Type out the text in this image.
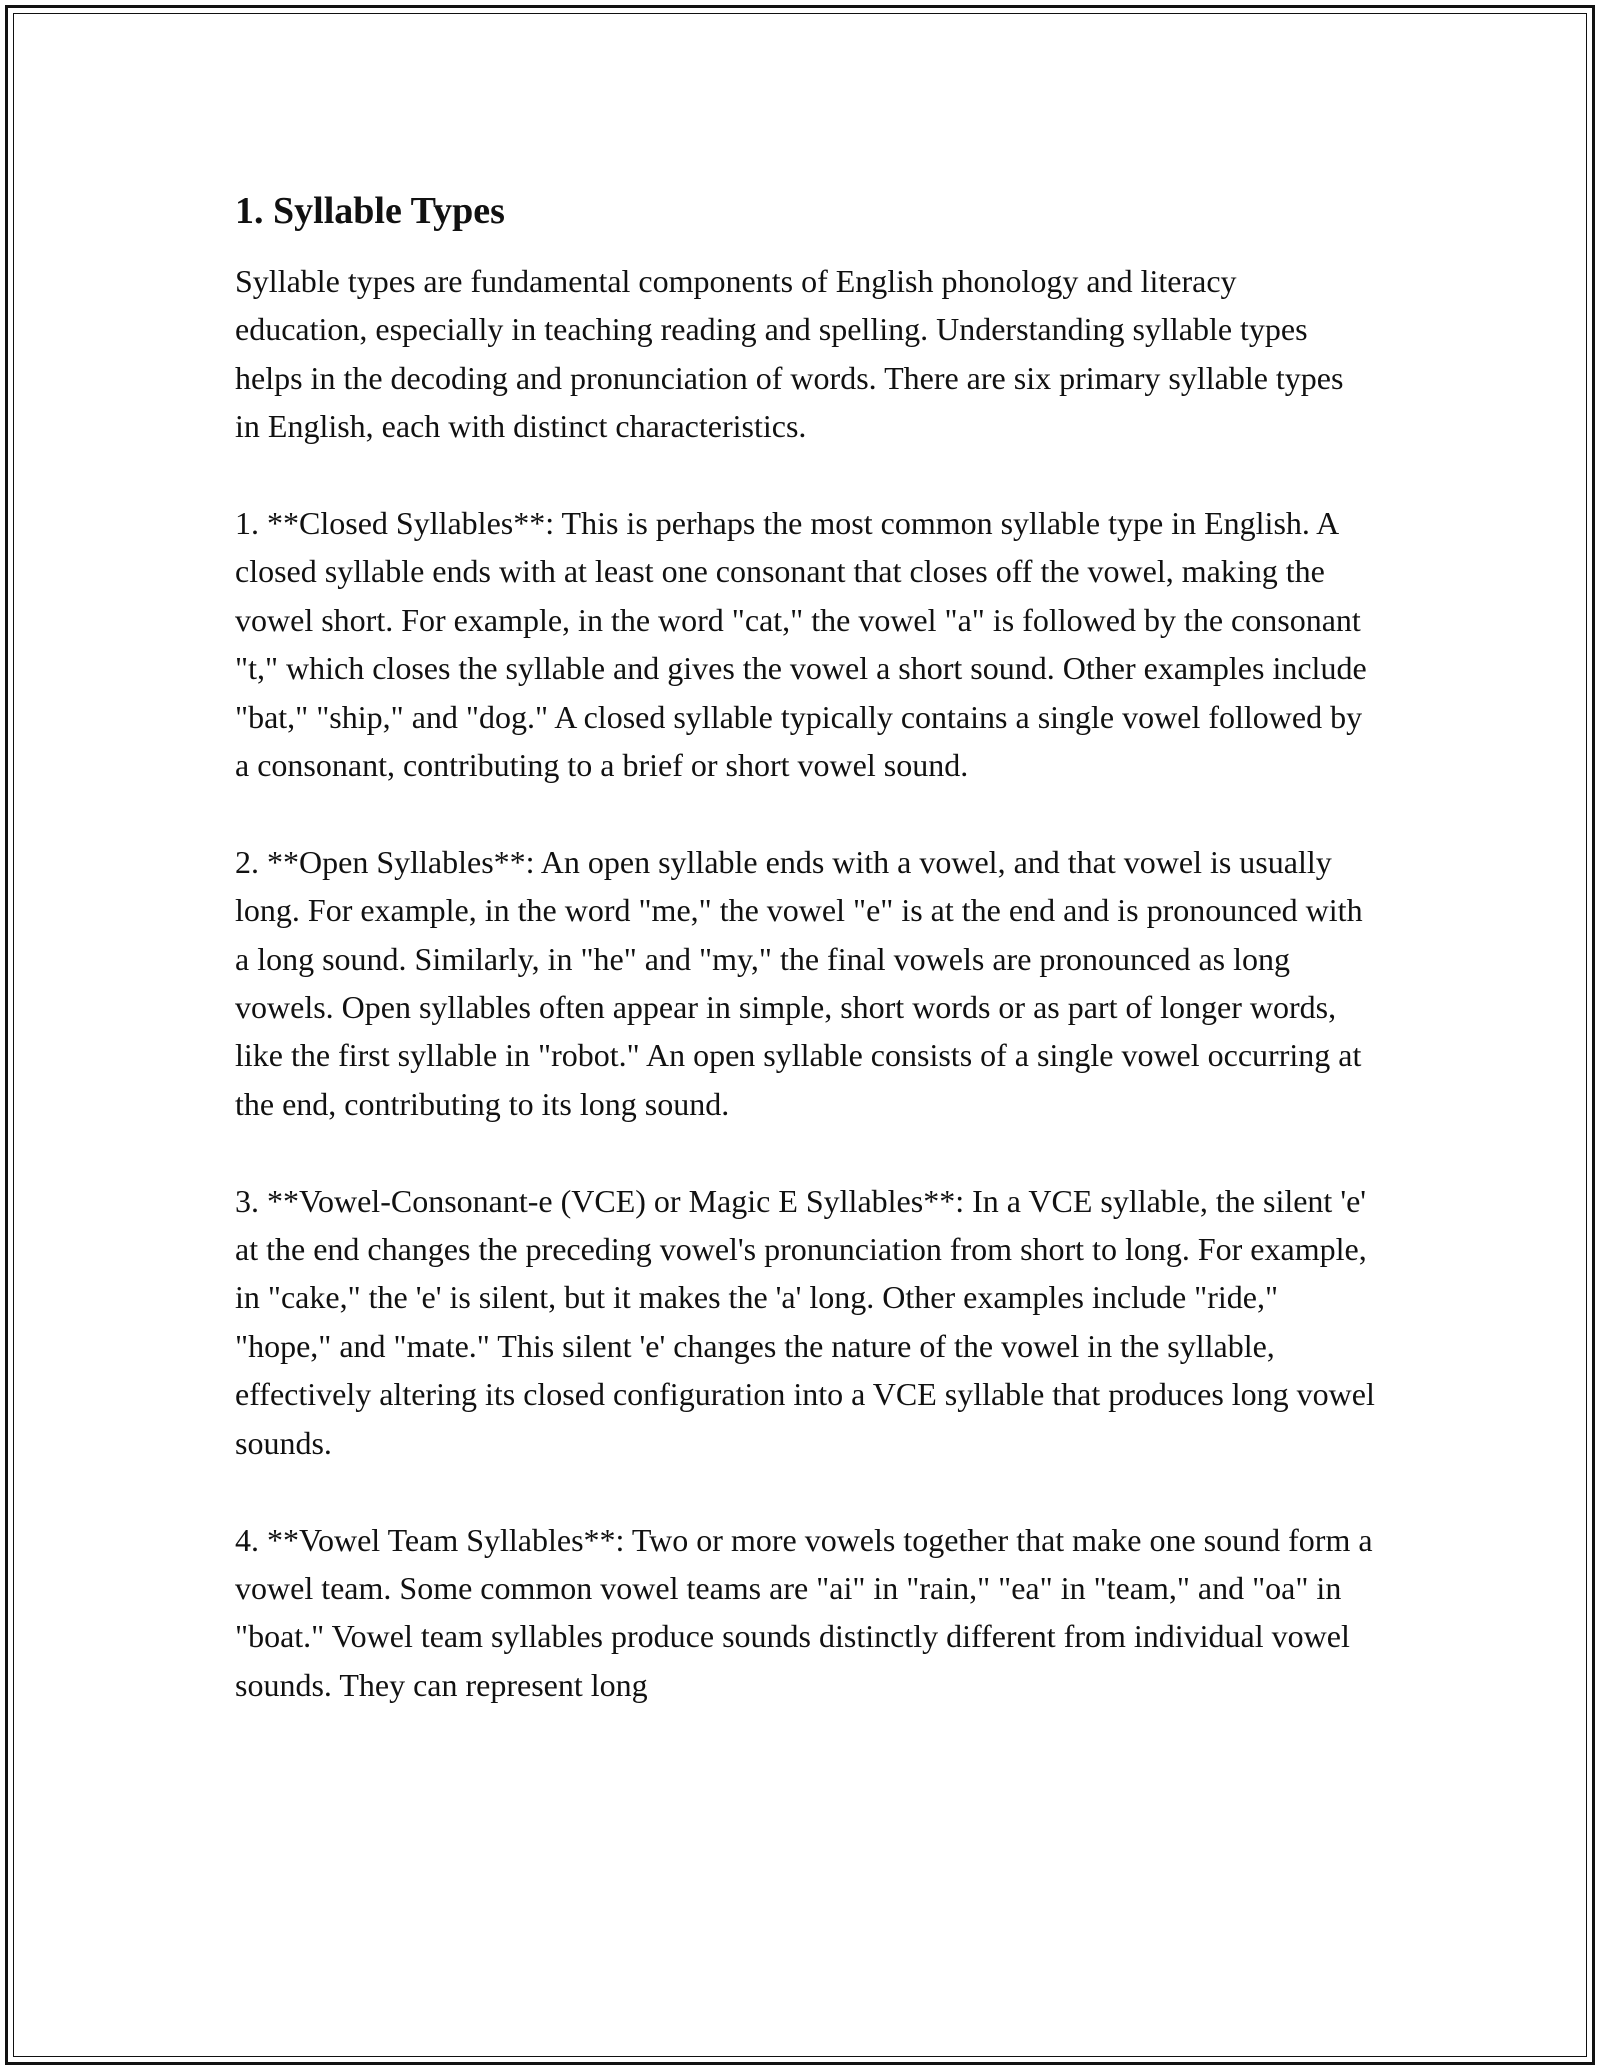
1. Syllable Types

Syllable types are fundamental components of English phonology and literacy education, especially in teaching reading and spelling. Understanding syllable types helps in the decoding and pronunciation of words. There are six primary syllable types in English, each with distinct characteristics.

1. **Closed Syllables**: This is perhaps the most common syllable type in English. A closed syllable ends with at least one consonant that closes off the vowel, making the vowel short. For example, in the word "cat," the vowel "a" is followed by the consonant "t," which closes the syllable and gives the vowel a short sound. Other examples include "bat," "ship," and "dog." A closed syllable typically contains a single vowel followed by a consonant, contributing to a brief or short vowel sound.

2. **Open Syllables**: An open syllable ends with a vowel, and that vowel is usually long. For example, in the word "me," the vowel "e" is at the end and is pronounced with a long sound. Similarly, in "he" and "my," the final vowels are pronounced as long vowels. Open syllables often appear in simple, short words or as part of longer words, like the first syllable in "robot." An open syllable consists of a single vowel occurring at the end, contributing to its long sound.

3. **Vowel-Consonant-e (VCE) or Magic E Syllables**: In a VCE syllable, the silent 'e' at the end changes the preceding vowel's pronunciation from short to long. For example, in "cake," the 'e' is silent, but it makes the 'a' long. Other examples include "ride," "hope," and "mate." This silent 'e' changes the nature of the vowel in the syllable, effectively altering its closed configuration into a VCE syllable that produces long vowel sounds.

4. **Vowel Team Syllables**: Two or more vowels together that make one sound form a vowel team. Some common vowel teams are "ai" in "rain," "ea" in "team," and "oa" in "boat." Vowel team syllables produce sounds distinctly different from individual vowel sounds. They can represent long
